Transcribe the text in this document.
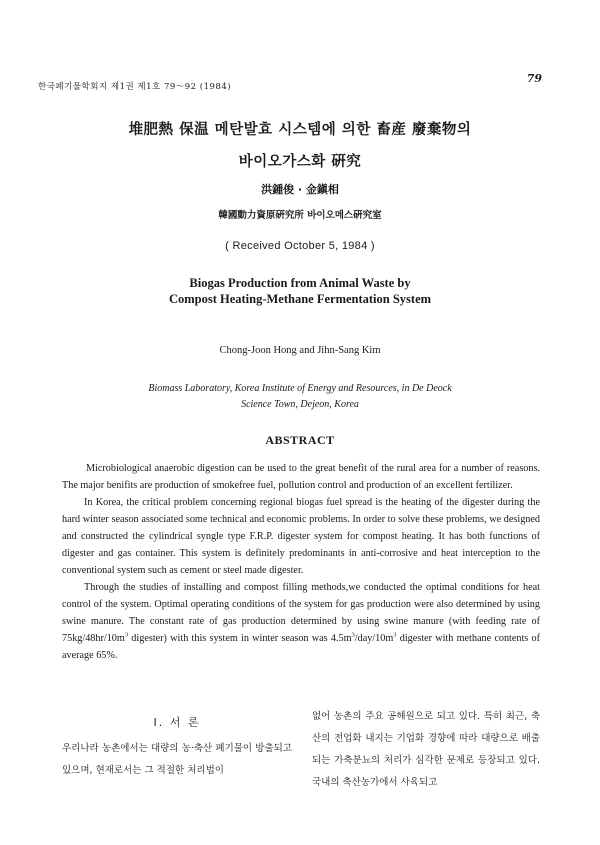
한국폐기물학회지 제1권 제1호 79～92 (1984)
79
堆肥熱 保温 메탄발효 시스템에 의한 畜産 廢棄物의
바이오가스화 硏究
洪鍾俊 · 金鎭相
韓國動力資原硏究所 바이오메스硏究室
( Received October 5, 1984 )
Biogas Production from Animal Waste by
Compost Heating-Methane Fermentation System
Chong-Joon Hong and Jihn-Sang Kim
Biomass Laboratory, Korea Institute of Energy and Resources, in De Deock
Science Town, Dejeon, Korea
ABSTRACT

Microbiological anaerobic digestion can be used to the great benefit of the rural area for a number of reasons. The major benifits are production of smokefree fuel, pollution control and production of an excellent fertilizer.

In Korea, the critical problem concerning regional biogas fuel spread is the heating of the digester during the hard winter season associated some technical and economic problems. In order to solve these problems, we designed and constructed the cylindrical syngle type F.R.P. digester system for compost heating. It has both functions of digester and gas container. This system is definitely predominants in anti-corrosive and heat interception to the conventional system such as cement or steel made digester.

Through the studies of installing and compost filling methods,we conducted the optimal conditions for heat control of the system. Optimal operating conditions of the system for gas production were also determined by using swine manure. The constant rate of gas production determined by using swine manure (with feeding rate of $75kg/48hr/10m^3$ digester) with this system in winter season was $4.5m^3/day/10m^3$ digester with methane contents of average 65%.

I. 서 론

우리나라 농촌에서는 대량의 농·축산 폐기물이 방출되고 있으며, 현재로서는 그 적절한 처리법이

없어 농촌의 주요 공해원으로 되고 있다. 특히 최근, 축산의 전업화 내지는 기업화 경향에 따라 대량으로 배출되는 가축분뇨의 처리가 심각한 문제로 등장되고 있다. 국내의 축산농가에서 사육되고
